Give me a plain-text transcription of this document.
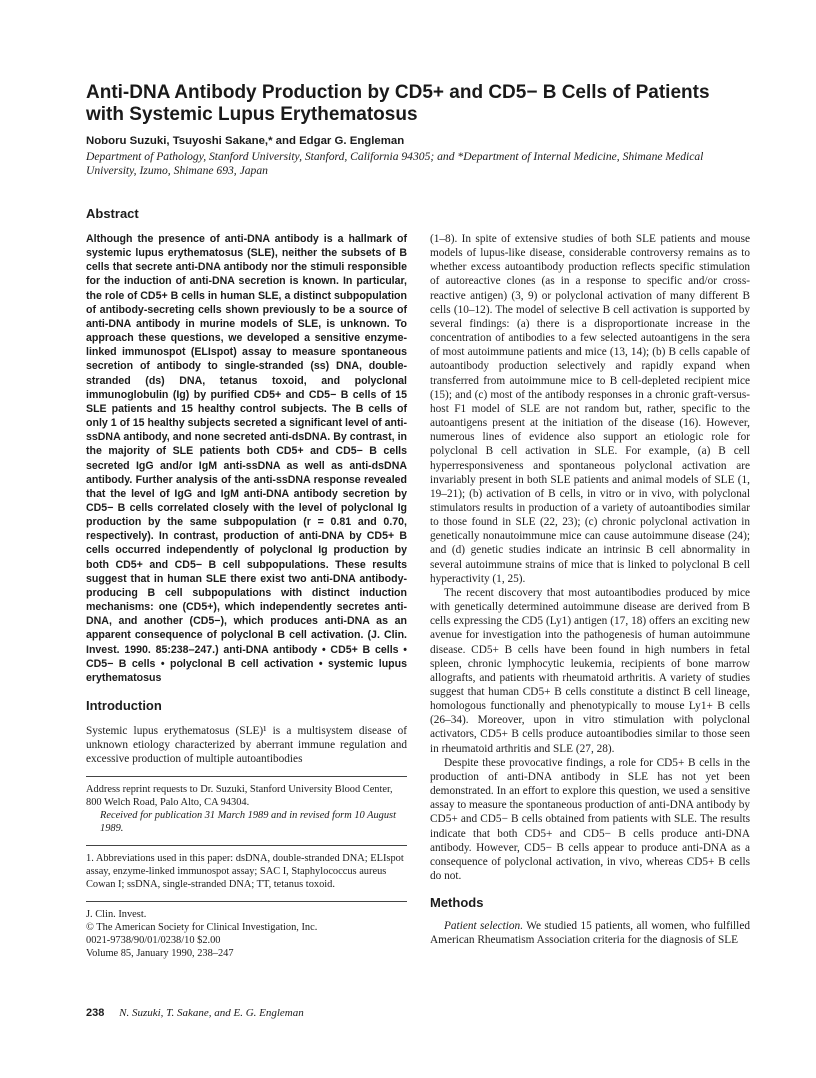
Anti-DNA Antibody Production by CD5+ and CD5− B Cells of Patients with Systemic Lupus Erythematosus
Noboru Suzuki, Tsuyoshi Sakane,* and Edgar G. Engleman
Department of Pathology, Stanford University, Stanford, California 94305; and *Department of Internal Medicine, Shimane Medical University, Izumo, Shimane 693, Japan
Abstract

Although the presence of anti-DNA antibody is a hallmark of systemic lupus erythematosus (SLE), neither the subsets of B cells that secrete anti-DNA antibody nor the stimuli responsible for the induction of anti-DNA secretion is known. In particular, the role of CD5+ B cells in human SLE, a distinct subpopulation of antibody-secreting cells shown previously to be a source of anti-DNA antibody in murine models of SLE, is unknown. To approach these questions, we developed a sensitive enzyme-linked immunospot (ELIspot) assay to measure spontaneous secretion of antibody to single-stranded (ss) DNA, double-stranded (ds) DNA, tetanus toxoid, and polyclonal immunoglobulin (Ig) by purified CD5+ and CD5− B cells of 15 SLE patients and 15 healthy control subjects. The B cells of only 1 of 15 healthy subjects secreted a significant level of anti-ssDNA antibody, and none secreted anti-dsDNA. By contrast, in the majority of SLE patients both CD5+ and CD5− B cells secreted IgG and/or IgM anti-ssDNA as well as anti-dsDNA antibody. Further analysis of the anti-ssDNA response revealed that the level of IgG and IgM anti-DNA antibody secretion by CD5− B cells correlated closely with the level of polyclonal Ig production by the same subpopulation (r = 0.81 and 0.70, respectively). In contrast, production of anti-DNA by CD5+ B cells occurred independently of polyclonal Ig production by both CD5+ and CD5− B cell subpopulations. These results suggest that in human SLE there exist two anti-DNA antibody-producing B cell subpopulations with distinct induction mechanisms: one (CD5+), which independently secretes anti-DNA, and another (CD5−), which produces anti-DNA as an apparent consequence of polyclonal B cell activation. (J. Clin. Invest. 1990. 85:238–247.) anti-DNA antibody • CD5+ B cells • CD5− B cells • polyclonal B cell activation • systemic lupus erythematosus

Introduction

Systemic lupus erythematosus (SLE)¹ is a multisystem disease of unknown etiology characterized by aberrant immune regulation and excessive production of multiple autoantibodies

Address reprint requests to Dr. Suzuki, Stanford University Blood Center, 800 Welch Road, Palo Alto, CA 94304.

Received for publication 31 March 1989 and in revised form 10 August 1989.

1. Abbreviations used in this paper: dsDNA, double-stranded DNA; ELIspot assay, enzyme-linked immunospot assay; SAC I, Staphylococcus aureus Cowan I; ssDNA, single-stranded DNA; TT, tetanus toxoid.

J. Clin. Invest.

© The American Society for Clinical Investigation, Inc.

0021-9738/90/01/0238/10 $2.00

Volume 85, January 1990, 238–247

(1–8). In spite of extensive studies of both SLE patients and mouse models of lupus-like disease, considerable controversy remains as to whether excess autoantibody production reflects specific stimulation of autoreactive clones (as in a response to specific and/or cross-reactive antigen) (3, 9) or polyclonal activation of many different B cells (10–12). The model of selective B cell activation is supported by several findings: (a) there is a disproportionate increase in the concentration of antibodies to a few selected autoantigens in the sera of most autoimmune patients and mice (13, 14); (b) B cells capable of autoantibody production selectively and rapidly expand when transferred from autoimmune mice to B cell-depleted recipient mice (15); and (c) most of the antibody responses in a chronic graft-versus-host F1 model of SLE are not random but, rather, specific to the autoantigens present at the initiation of the disease (16). However, numerous lines of evidence also support an etiologic role for polyclonal B cell activation in SLE. For example, (a) B cell hyperresponsiveness and spontaneous polyclonal activation are invariably present in both SLE patients and animal models of SLE (1, 19–21); (b) activation of B cells, in vitro or in vivo, with polyclonal stimulators results in production of a variety of autoantibodies similar to those found in SLE (22, 23); (c) chronic polyclonal activation in genetically nonautoimmune mice can cause autoimmune disease (24); and (d) genetic studies indicate an intrinsic B cell abnormality in several autoimmune strains of mice that is linked to polyclonal B cell hyperactivity (1, 25).

The recent discovery that most autoantibodies produced by mice with genetically determined autoimmune disease are derived from B cells expressing the CD5 (Ly1) antigen (17, 18) offers an exciting new avenue for investigation into the pathogenesis of human autoimmune disease. CD5+ B cells have been found in high numbers in fetal spleen, chronic lymphocytic leukemia, recipients of bone marrow allografts, and patients with rheumatoid arthritis. A variety of studies suggest that human CD5+ B cells constitute a distinct B cell lineage, homologous functionally and phenotypically to mouse Ly1+ B cells (26–34). Moreover, upon in vitro stimulation with polyclonal activators, CD5+ B cells produce autoantibodies similar to those seen in rheumatoid arthritis and SLE (27, 28).

Despite these provocative findings, a role for CD5+ B cells in the production of anti-DNA antibody in SLE has not yet been demonstrated. In an effort to explore this question, we used a sensitive assay to measure the spontaneous production of anti-DNA antibody by CD5+ and CD5− B cells obtained from patients with SLE. The results indicate that both CD5+ and CD5− B cells produce anti-DNA antibody. However, CD5− B cells appear to produce anti-DNA as a consequence of polyclonal activation, in vivo, whereas CD5+ B cells do not.

Methods

Patient selection. We studied 15 patients, all women, who fulfilled American Rheumatism Association criteria for the diagnosis of SLE

238 N. Suzuki, T. Sakane, and E. G. Engleman
